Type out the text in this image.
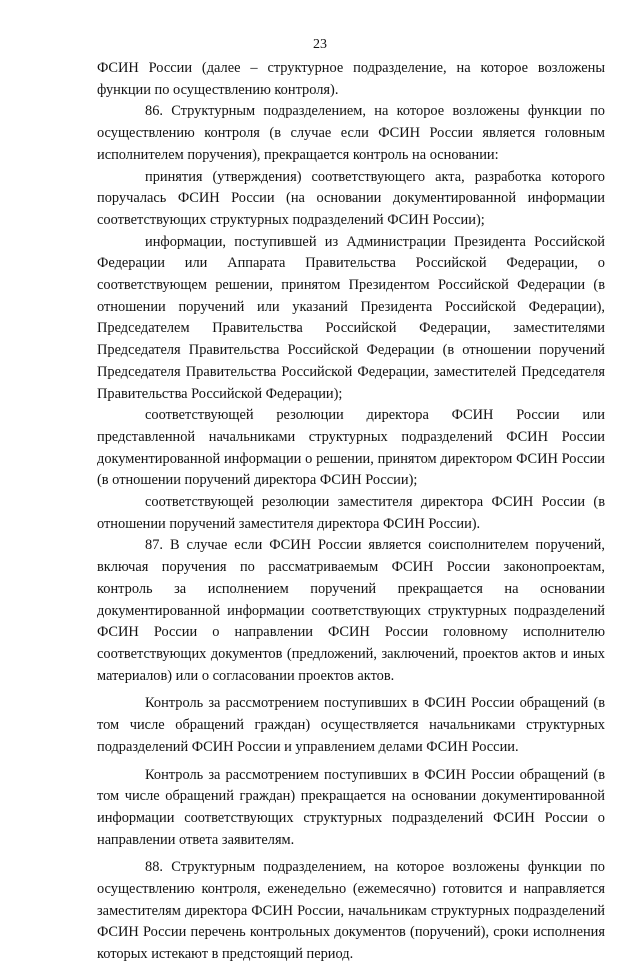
23

ФСИН России (далее – структурное подразделение, на которое возложены функции по осуществлению контроля).

86. Структурным подразделением, на которое возложены функции по осуществлению контроля (в случае если ФСИН России является головным исполнителем поручения), прекращается контроль на основании:

принятия (утверждения) соответствующего акта, разработка которого поручалась ФСИН России (на основании документированной информации соответствующих структурных подразделений ФСИН России);

информации, поступившей из Администрации Президента Российской Федерации или Аппарата Правительства Российской Федерации, о соответствующем решении, принятом Президентом Российской Федерации (в отношении поручений или указаний Президента Российской Федерации), Председателем Правительства Российской Федерации, заместителями Председателя Правительства Российской Федерации (в отношении поручений Председателя Правительства Российской Федерации, заместителей Председателя Правительства Российской Федерации);

соответствующей резолюции директора ФСИН России или представленной начальниками структурных подразделений ФСИН России документированной информации о решении, принятом директором ФСИН России (в отношении поручений директора ФСИН России);

соответствующей резолюции заместителя директора ФСИН России (в отношении поручений заместителя директора ФСИН России).

87. В случае если ФСИН России является соисполнителем поручений, включая поручения по рассматриваемым ФСИН России законопроектам, контроль за исполнением поручений прекращается на основании документированной информации соответствующих структурных подразделений ФСИН России о направлении ФСИН России головному исполнителю соответствующих документов (предложений, заключений, проектов актов и иных материалов) или о согласовании проектов актов.

Контроль за рассмотрением поступивших в ФСИН России обращений (в том числе обращений граждан) осуществляется начальниками структурных подразделений ФСИН России и управлением делами ФСИН России.

Контроль за рассмотрением поступивших в ФСИН России обращений (в том числе обращений граждан) прекращается на основании документированной информации соответствующих структурных подразделений ФСИН России о направлении ответа заявителям.

88. Структурным подразделением, на которое возложены функции по осуществлению контроля, еженедельно (ежемесячно) готовится и направляется заместителям директора ФСИН России, начальникам структурных подразделений ФСИН России перечень контрольных документов (поручений), сроки исполнения которых истекают в предстоящий период.
